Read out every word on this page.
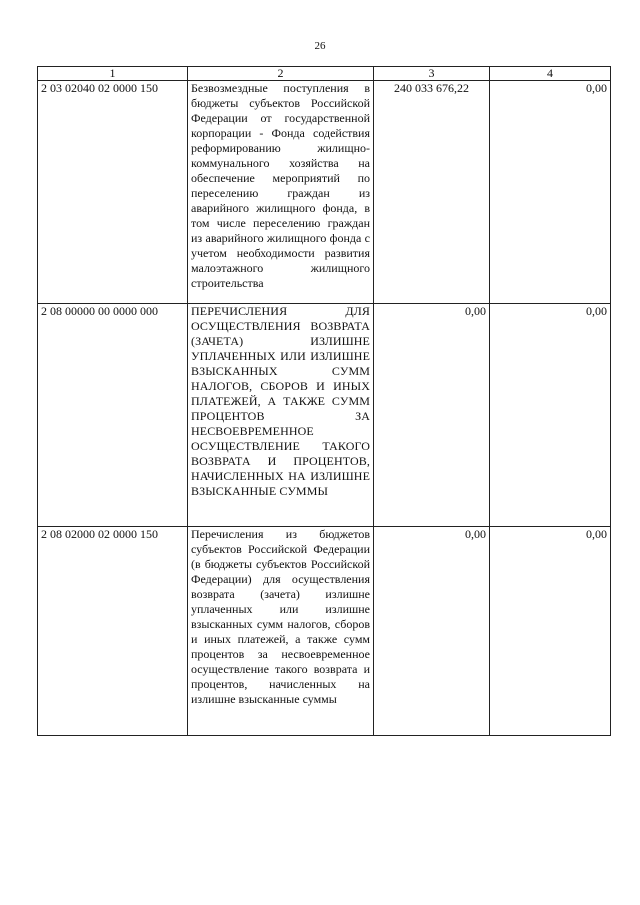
26
1	2	3	4
2 03 02040 02 0000 150	Безвозмездные поступления в бюджеты субъектов Российской Федерации от государственной корпорации - Фонда содействия реформированию жилищно-коммунального хозяйства на обеспечение мероприятий по переселению граждан из аварийного жилищного фонда, в том числе переселению граждан из аварийного жилищного фонда с учетом необходимости развития малоэтажного жилищного строительства	240 033 676,22	0,00
2 08 00000 00 0000 000	ПЕРЕЧИСЛЕНИЯ ДЛЯ ОСУЩЕСТВЛЕНИЯ ВОЗВРАТА (ЗАЧЕТА) ИЗЛИШНЕ УПЛАЧЕННЫХ ИЛИ ИЗЛИШНЕ ВЗЫСКАННЫХ СУММ НАЛОГОВ, СБОРОВ И ИНЫХ ПЛАТЕЖЕЙ, А ТАКЖЕ СУММ ПРОЦЕНТОВ ЗА НЕСВОЕВРЕМЕННОЕ ОСУЩЕСТВЛЕНИЕ ТАКОГО ВОЗВРАТА И ПРОЦЕНТОВ, НАЧИСЛЕННЫХ НА ИЗЛИШНЕ ВЗЫСКАННЫЕ СУММЫ	0,00	0,00
2 08 02000 02 0000 150	Перечисления из бюджетов субъектов Российской Федерации (в бюджеты субъектов Российской Федерации) для осуществления возврата (зачета) излишне уплаченных или излишне взысканных сумм налогов, сборов и иных платежей, а также сумм процентов за несвоевременное осуществление такого возврата и процентов, начисленных на излишне взысканные суммы	0,00	0,00
